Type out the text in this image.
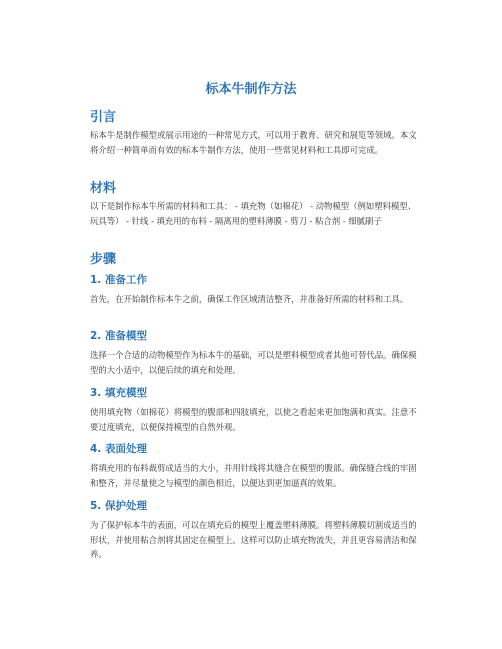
标本牛制作方法
引言

标本牛是制作模型或展示用途的一种常见方式，可以用于教育、研究和展览等领域。本文将介绍一种简单而有效的标本牛制作方法，使用一些常见材料和工具即可完成。

材料

以下是制作标本牛所需的材料和工具： - 填充物（如棉花） - 动物模型（例如塑料模型、玩具等） - 针线 - 填充用的布料 - 隔离用的塑料薄膜 - 剪刀 - 粘合剂 - 细腻刷子

步骤
1. 准备工作

首先，在开始制作标本牛之前，确保工作区域清洁整齐，并准备好所需的材料和工具。

2. 准备模型

选择一个合适的动物模型作为标本牛的基础，可以是塑料模型或者其他可替代品。确保模型的大小适中，以便后续的填充和处理。

3. 填充模型

使用填充物（如棉花）将模型的腹部和四肢填充，以使之看起来更加饱满和真实。注意不要过度填充，以便保持模型的自然外观。

4. 表面处理

将填充用的布料裁剪成适当的大小，并用针线将其缝合在模型的腹部。确保缝合线的牢固和整齐，并尽量使之与模型的颜色相近，以便达到更加逼真的效果。

5. 保护处理

为了保护标本牛的表面，可以在填充后的模型上覆盖塑料薄膜。将塑料薄膜切割成适当的形状，并使用粘合剂将其固定在模型上。这样可以防止填充物流失，并且更容易清洁和保养。
